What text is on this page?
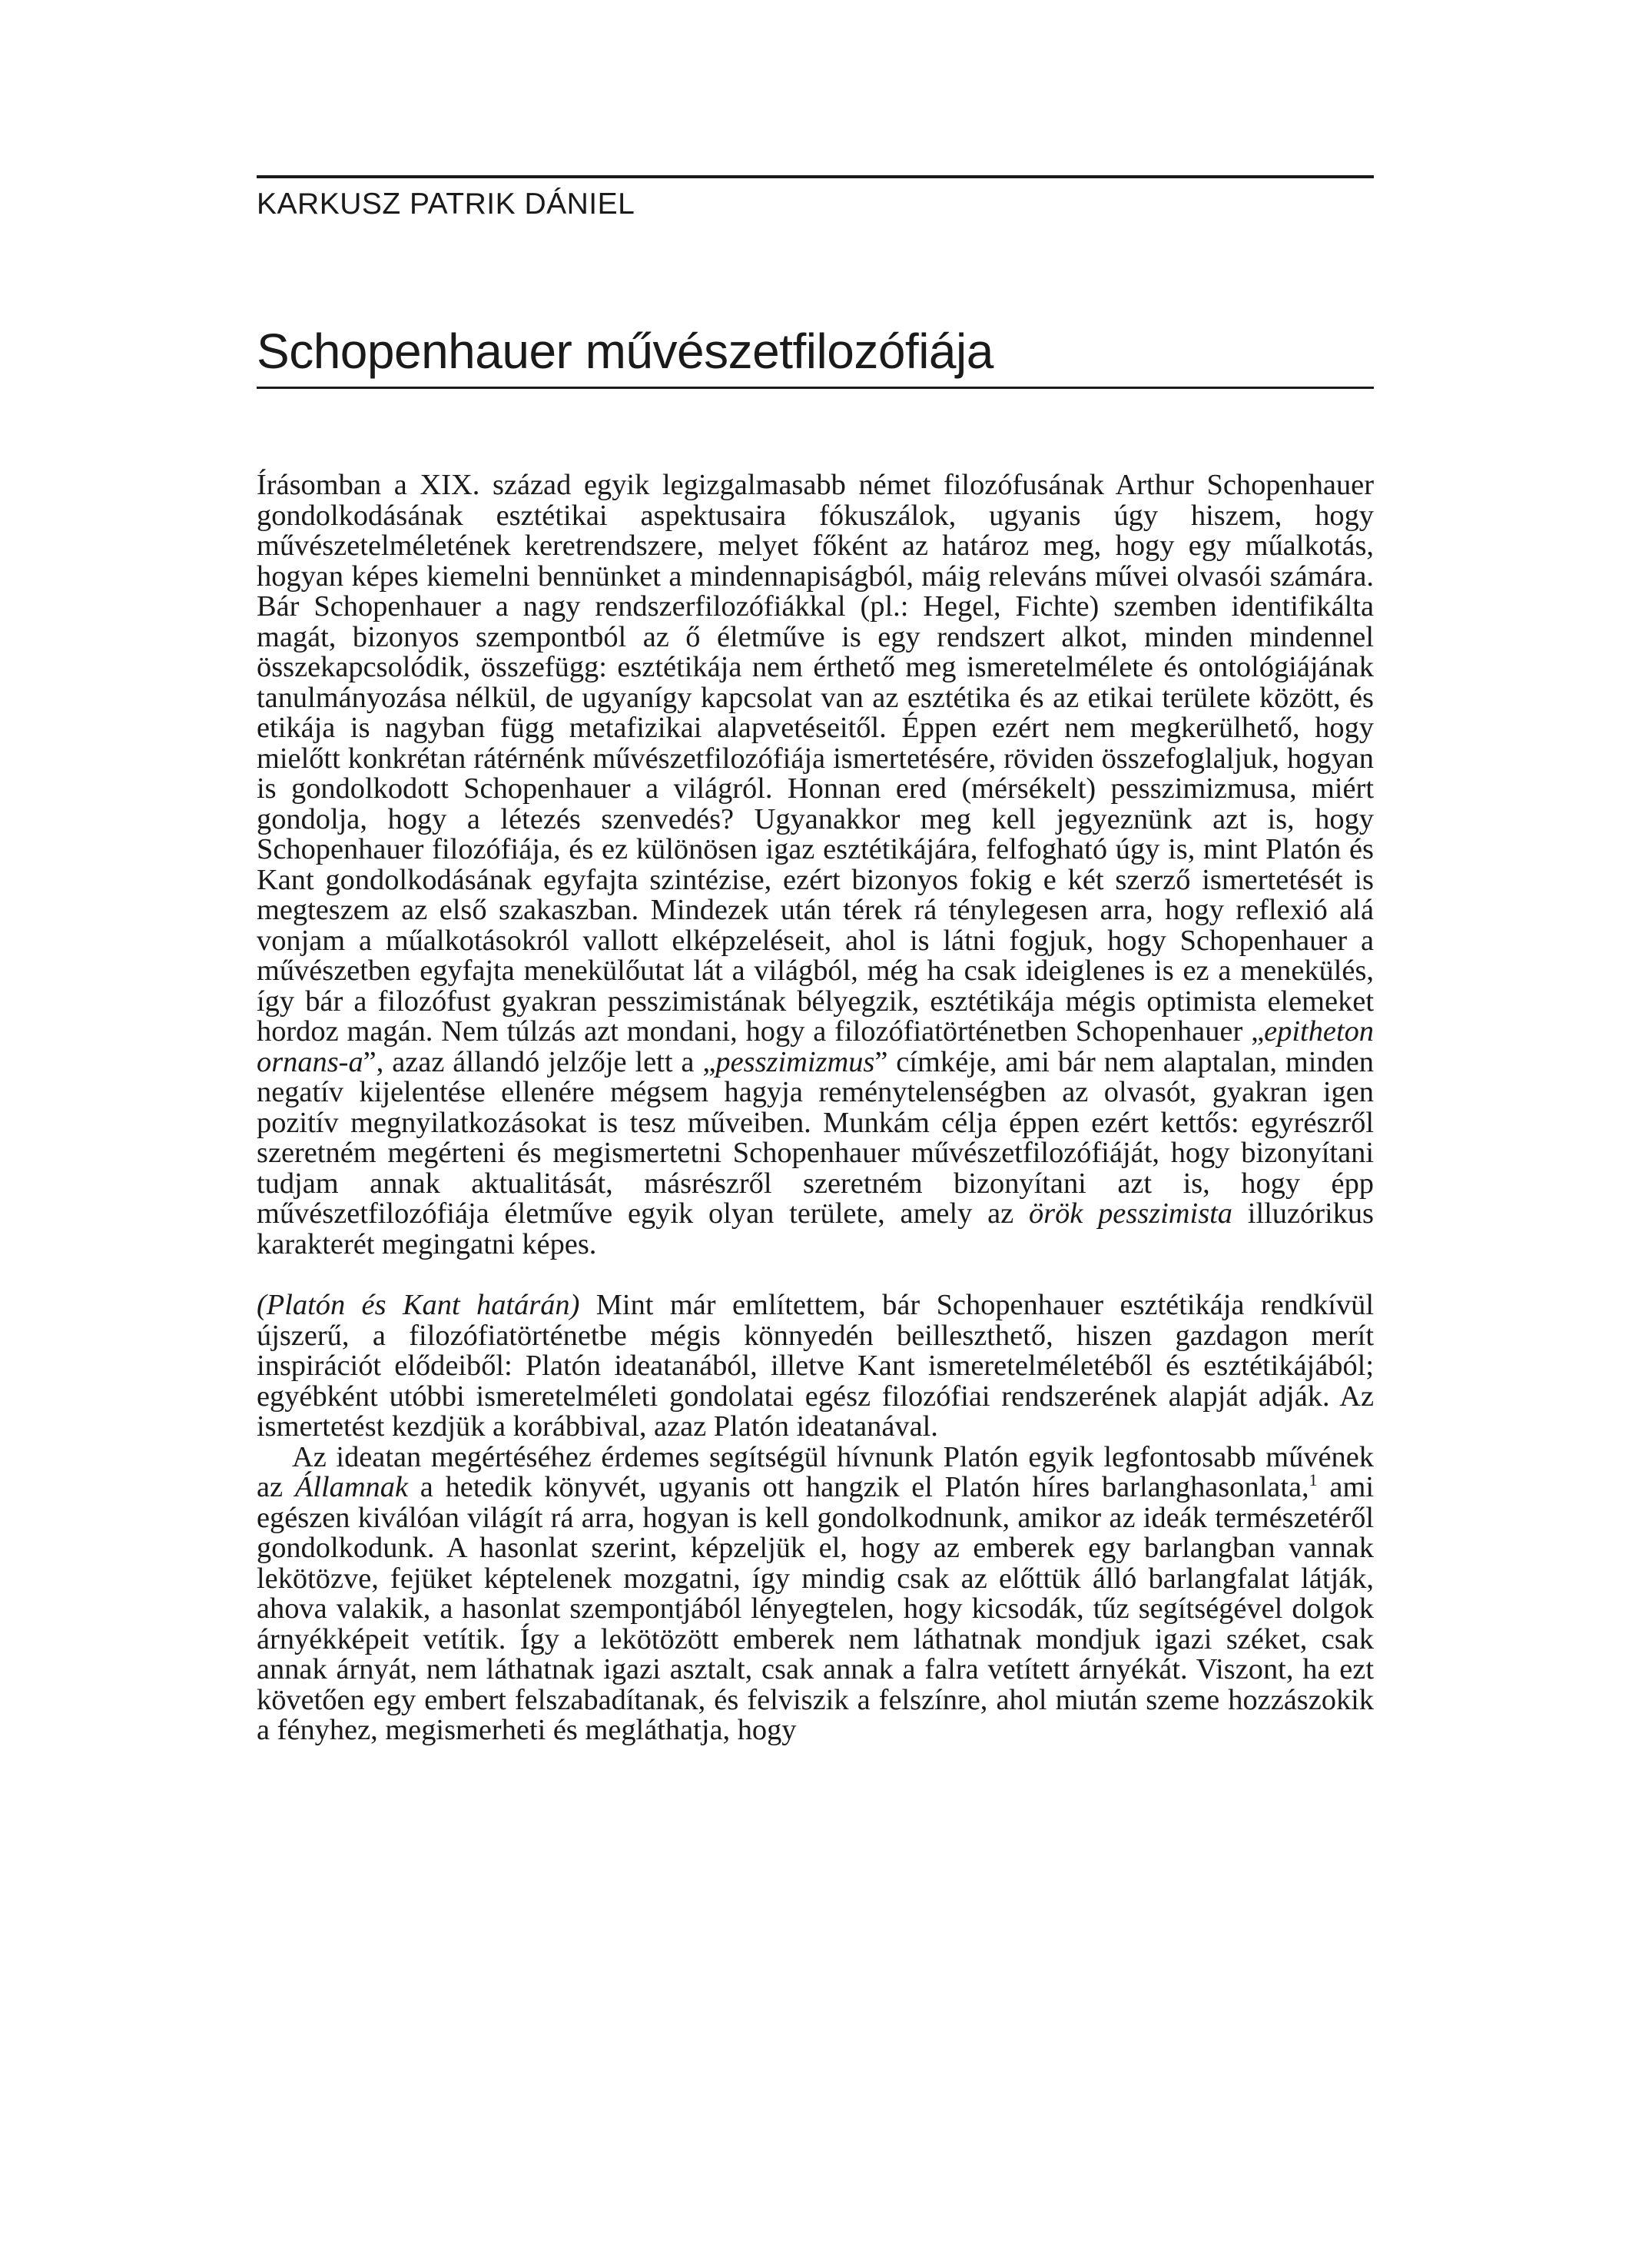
KARKUSZ PATRIK DÁNIEL
Schopenhauer művészetfilozófiája

Írásomban a XIX. század egyik legizgalmasabb német filozófusának Arthur Schopenhauer gondolkodásának esztétikai aspektusaira fókuszálok, ugyanis úgy hiszem, hogy művészetelméletének keretrendszere, melyet főként az határoz meg, hogy egy műalkotás, hogyan képes kiemelni bennünket a mindennapiságból, máig releváns művei olvasói számára. Bár Schopenhauer a nagy rendszerfilozófiákkal (pl.: Hegel, Fichte) szemben identifikálta magát, bizonyos szempontból az ő életműve is egy rendszert alkot, minden mindennel összekapcsolódik, összefügg: esztétikája nem érthető meg ismeretelmélete és ontológiájának tanulmányozása nélkül, de ugyanígy kapcsolat van az esztétika és az etikai területe között, és etikája is nagyban függ metafizikai alapvetéseitől. Éppen ezért nem megkerülhető, hogy mielőtt konkrétan rátérnénk művészetfilozófiája ismertetésére, röviden összefoglaljuk, hogyan is gondolkodott Schopenhauer a világról. Honnan ered (mérsékelt) pesszimizmusa, miért gondolja, hogy a létezés szenvedés? Ugyanakkor meg kell jegyeznünk azt is, hogy Schopenhauer filozófiája, és ez különösen igaz esztétikájára, felfogható úgy is, mint Platón és Kant gondolkodásának egyfajta szintézise, ezért bizonyos fokig e két szerző ismertetését is megteszem az első szakaszban. Mindezek után térek rá ténylegesen arra, hogy reflexió alá vonjam a műalkotásokról vallott elképzeléseit, ahol is látni fogjuk, hogy Schopenhauer a művészetben egyfajta menekülőutat lát a világból, még ha csak ideiglenes is ez a menekülés, így bár a filozófust gyakran pesszimistának bélyegzik, esztétikája mégis optimista elemeket hordoz magán. Nem túlzás azt mondani, hogy a filozófiatörténetben Schopenhauer „epitheton ornans-a”, azaz állandó jelzője lett a „pesszimizmus” címkéje, ami bár nem alaptalan, minden negatív kijelentése ellenére mégsem hagyja reménytelenségben az olvasót, gyakran igen pozitív megnyilatkozásokat is tesz műveiben. Munkám célja éppen ezért kettős: egyrészről szeretném megérteni és megismertetni Schopenhauer művészetfilozófiáját, hogy bizonyítani tudjam annak aktualitását, másrészről szeretném bizonyítani azt is, hogy épp művészetfilozófiája életműve egyik olyan területe, amely az örök pesszimista illuzórikus karakterét megingatni képes.

(Platón és Kant határán) Mint már említettem, bár Schopenhauer esztétikája rendkívül újszerű, a filozófiatörténetbe mégis könnyedén beilleszthető, hiszen gazdagon merít inspirációt elődeiből: Platón ideatanából, illetve Kant ismeretelméletéből és esztétikájából; egyébként utóbbi ismeretelméleti gondolatai egész filozófiai rendszerének alapját adják. Az ismertetést kezdjük a korábbival, azaz Platón ideatanával.

Az ideatan megértéséhez érdemes segítségül hívnunk Platón egyik legfontosabb művének az Államnak a hetedik könyvét, ugyanis ott hangzik el Platón híres barlanghasonlata,$^1$ ami egészen kiválóan világít rá arra, hogyan is kell gondolkodnunk, amikor az ideák természetéről gondolkodunk. A hasonlat szerint, képzeljük el, hogy az emberek egy barlangban vannak lekötözve, fejüket képtelenek mozgatni, így mindig csak az előttük álló barlangfalat látják, ahova valakik, a hasonlat szempontjából lényegtelen, hogy kicsodák, tűz segítségével dolgok árnyékképeit vetítik. Így a lekötözött emberek nem láthatnak mondjuk igazi széket, csak annak árnyát, nem láthatnak igazi asztalt, csak annak a falra vetített árnyékát. Viszont, ha ezt követően egy embert felszabadítanak, és felviszik a felszínre, ahol miután szeme hozzászokik a fényhez, megismerheti és megláthatja, hogy
